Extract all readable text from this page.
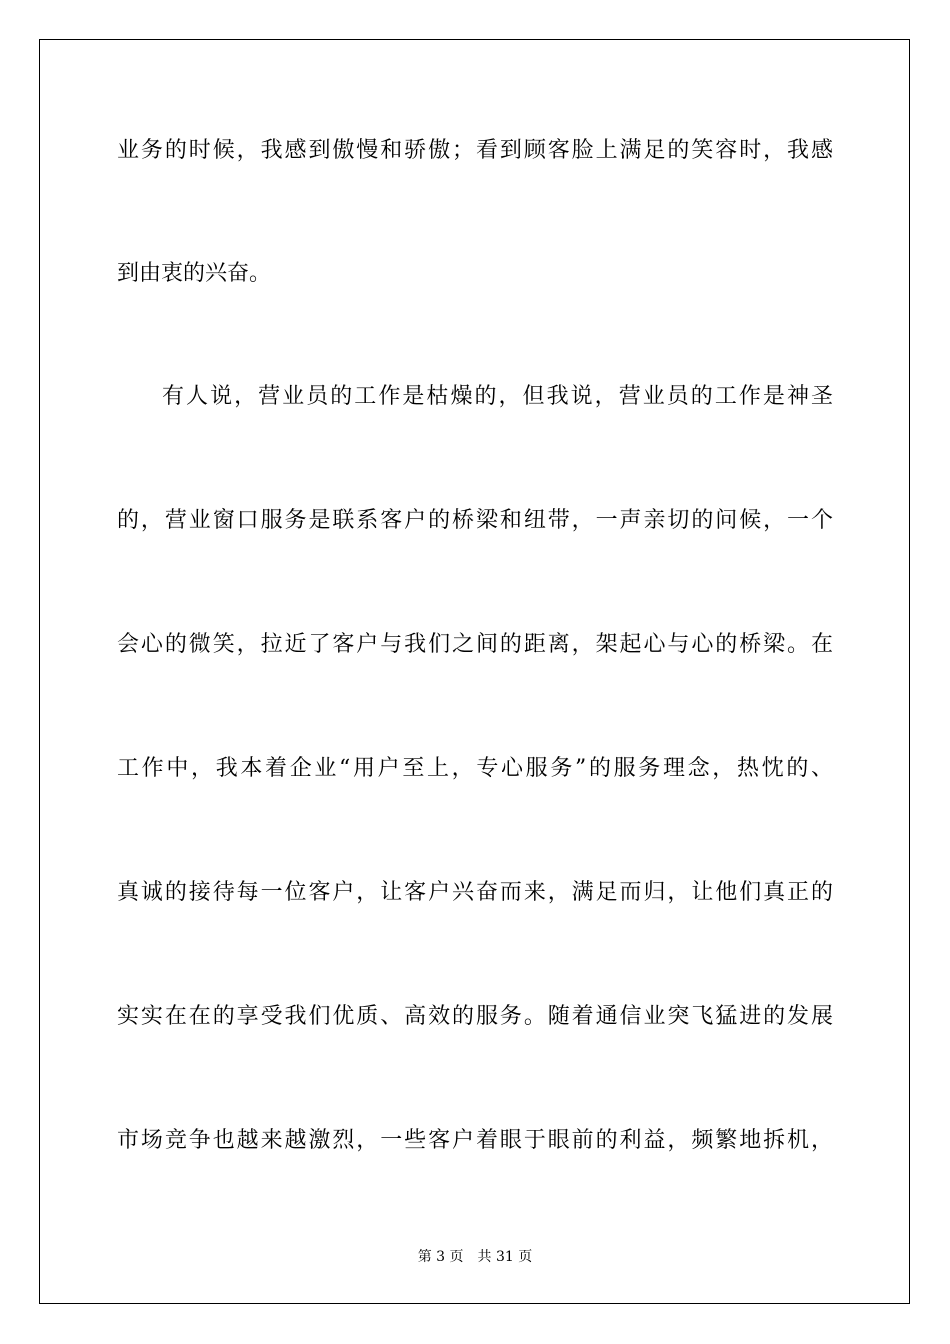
业务的时候，我感到傲慢和骄傲；看到顾客脸上满足的笑容时，我感
到由衷的兴奋。
有人说，营业员的工作是枯燥的，但我说，营业员的工作是神圣
的，营业窗口服务是联系客户的桥梁和纽带，一声亲切的问候，一个
会心的微笑，拉近了客户与我们之间的距离，架起心与心的桥梁。在
工作中，我本着企业“用户至上，专心服务”的服务理念，热忱的、
真诚的接待每一位客户，让客户兴奋而来，满足而归，让他们真正的
实实在在的享受我们优质、高效的服务。随着通信业突飞猛进的发展
市场竞争也越来越激烈，一些客户着眼于眼前的利益，频繁地拆机，
第 3 页 共 31 页
